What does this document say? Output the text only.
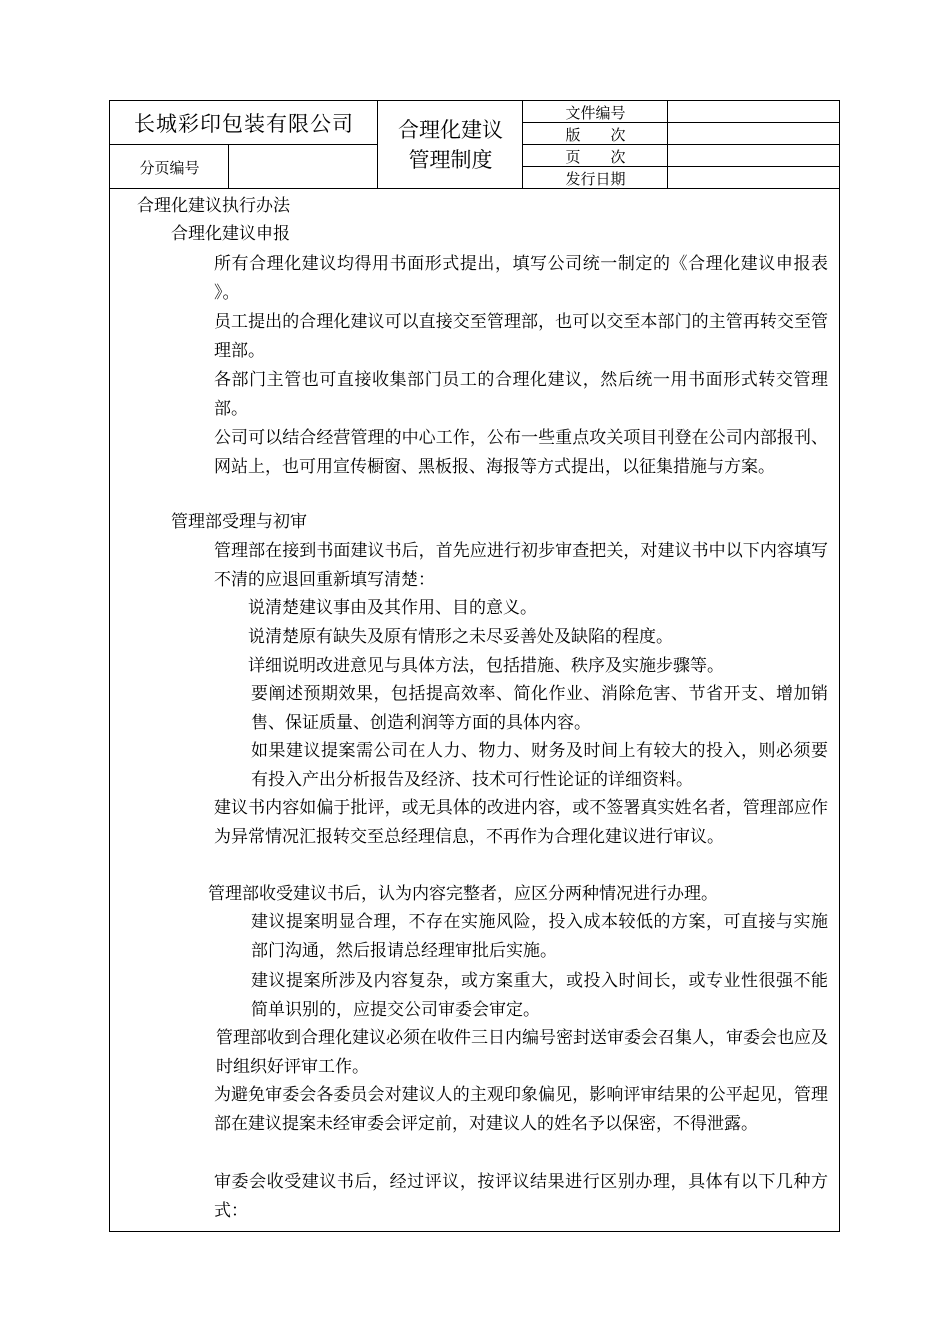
长城彩印包装有限公司
分页编号
合理化建议
管理制度
文件编号
版　　次
页　　次
发行日期
合理化建议执行办法
合理化建议申报
所有合理化建议均得用书面形式提出，填写公司统一制定的《合理化建议申报表 》。
员工提出的合理化建议可以直接交至管理部，也可以交至本部门的主管再转交至管理部。
各部门主管也可直接收集部门员工的合理化建议，然后统一用书面形式转交管理部。
公司可以结合经营管理的中心工作，公布一些重点攻关项目刊登在公司内部报刊、网站上，也可用宣传橱窗、黑板报、海报等方式提出，以征集措施与方案。
管理部受理与初审
管理部在接到书面建议书后，首先应进行初步审查把关，对建议书中以下内容填写不清的应退回重新填写清楚：
说清楚建议事由及其作用、目的意义。
说清楚原有缺失及原有情形之未尽妥善处及缺陷的程度。
详细说明改进意见与具体方法，包括措施、秩序及实施步骤等。
要阐述预期效果，包括提高效率、简化作业、消除危害、节省开支、增加销售、保证质量、创造利润等方面的具体内容。
如果建议提案需公司在人力、物力、财务及时间上有较大的投入，则必须要有投入产出分析报告及经济、技术可行性论证的详细资料。
建议书内容如偏于批评，或无具体的改进内容，或不签署真实姓名者，管理部应作为异常情况汇报转交至总经理信息，不再作为合理化建议进行审议。
管理部收受建议书后，认为内容完整者，应区分两种情况进行办理。
建议提案明显合理，不存在实施风险，投入成本较低的方案，可直接与实施部门沟通，然后报请总经理审批后实施。
建议提案所涉及内容复杂，或方案重大，或投入时间长，或专业性很强不能简单识别的，应提交公司审委会审定。
管理部收到合理化建议必须在收件三日内编号密封送审委会召集人，审委会也应及时组织好评审工作。
为避免审委会各委员会对建议人的主观印象偏见，影响评审结果的公平起见，管理部在建议提案未经审委会评定前，对建议人的姓名予以保密，不得泄露。
审委会收受建议书后，经过评议，按评议结果进行区别办理，具体有以下几种方式：
